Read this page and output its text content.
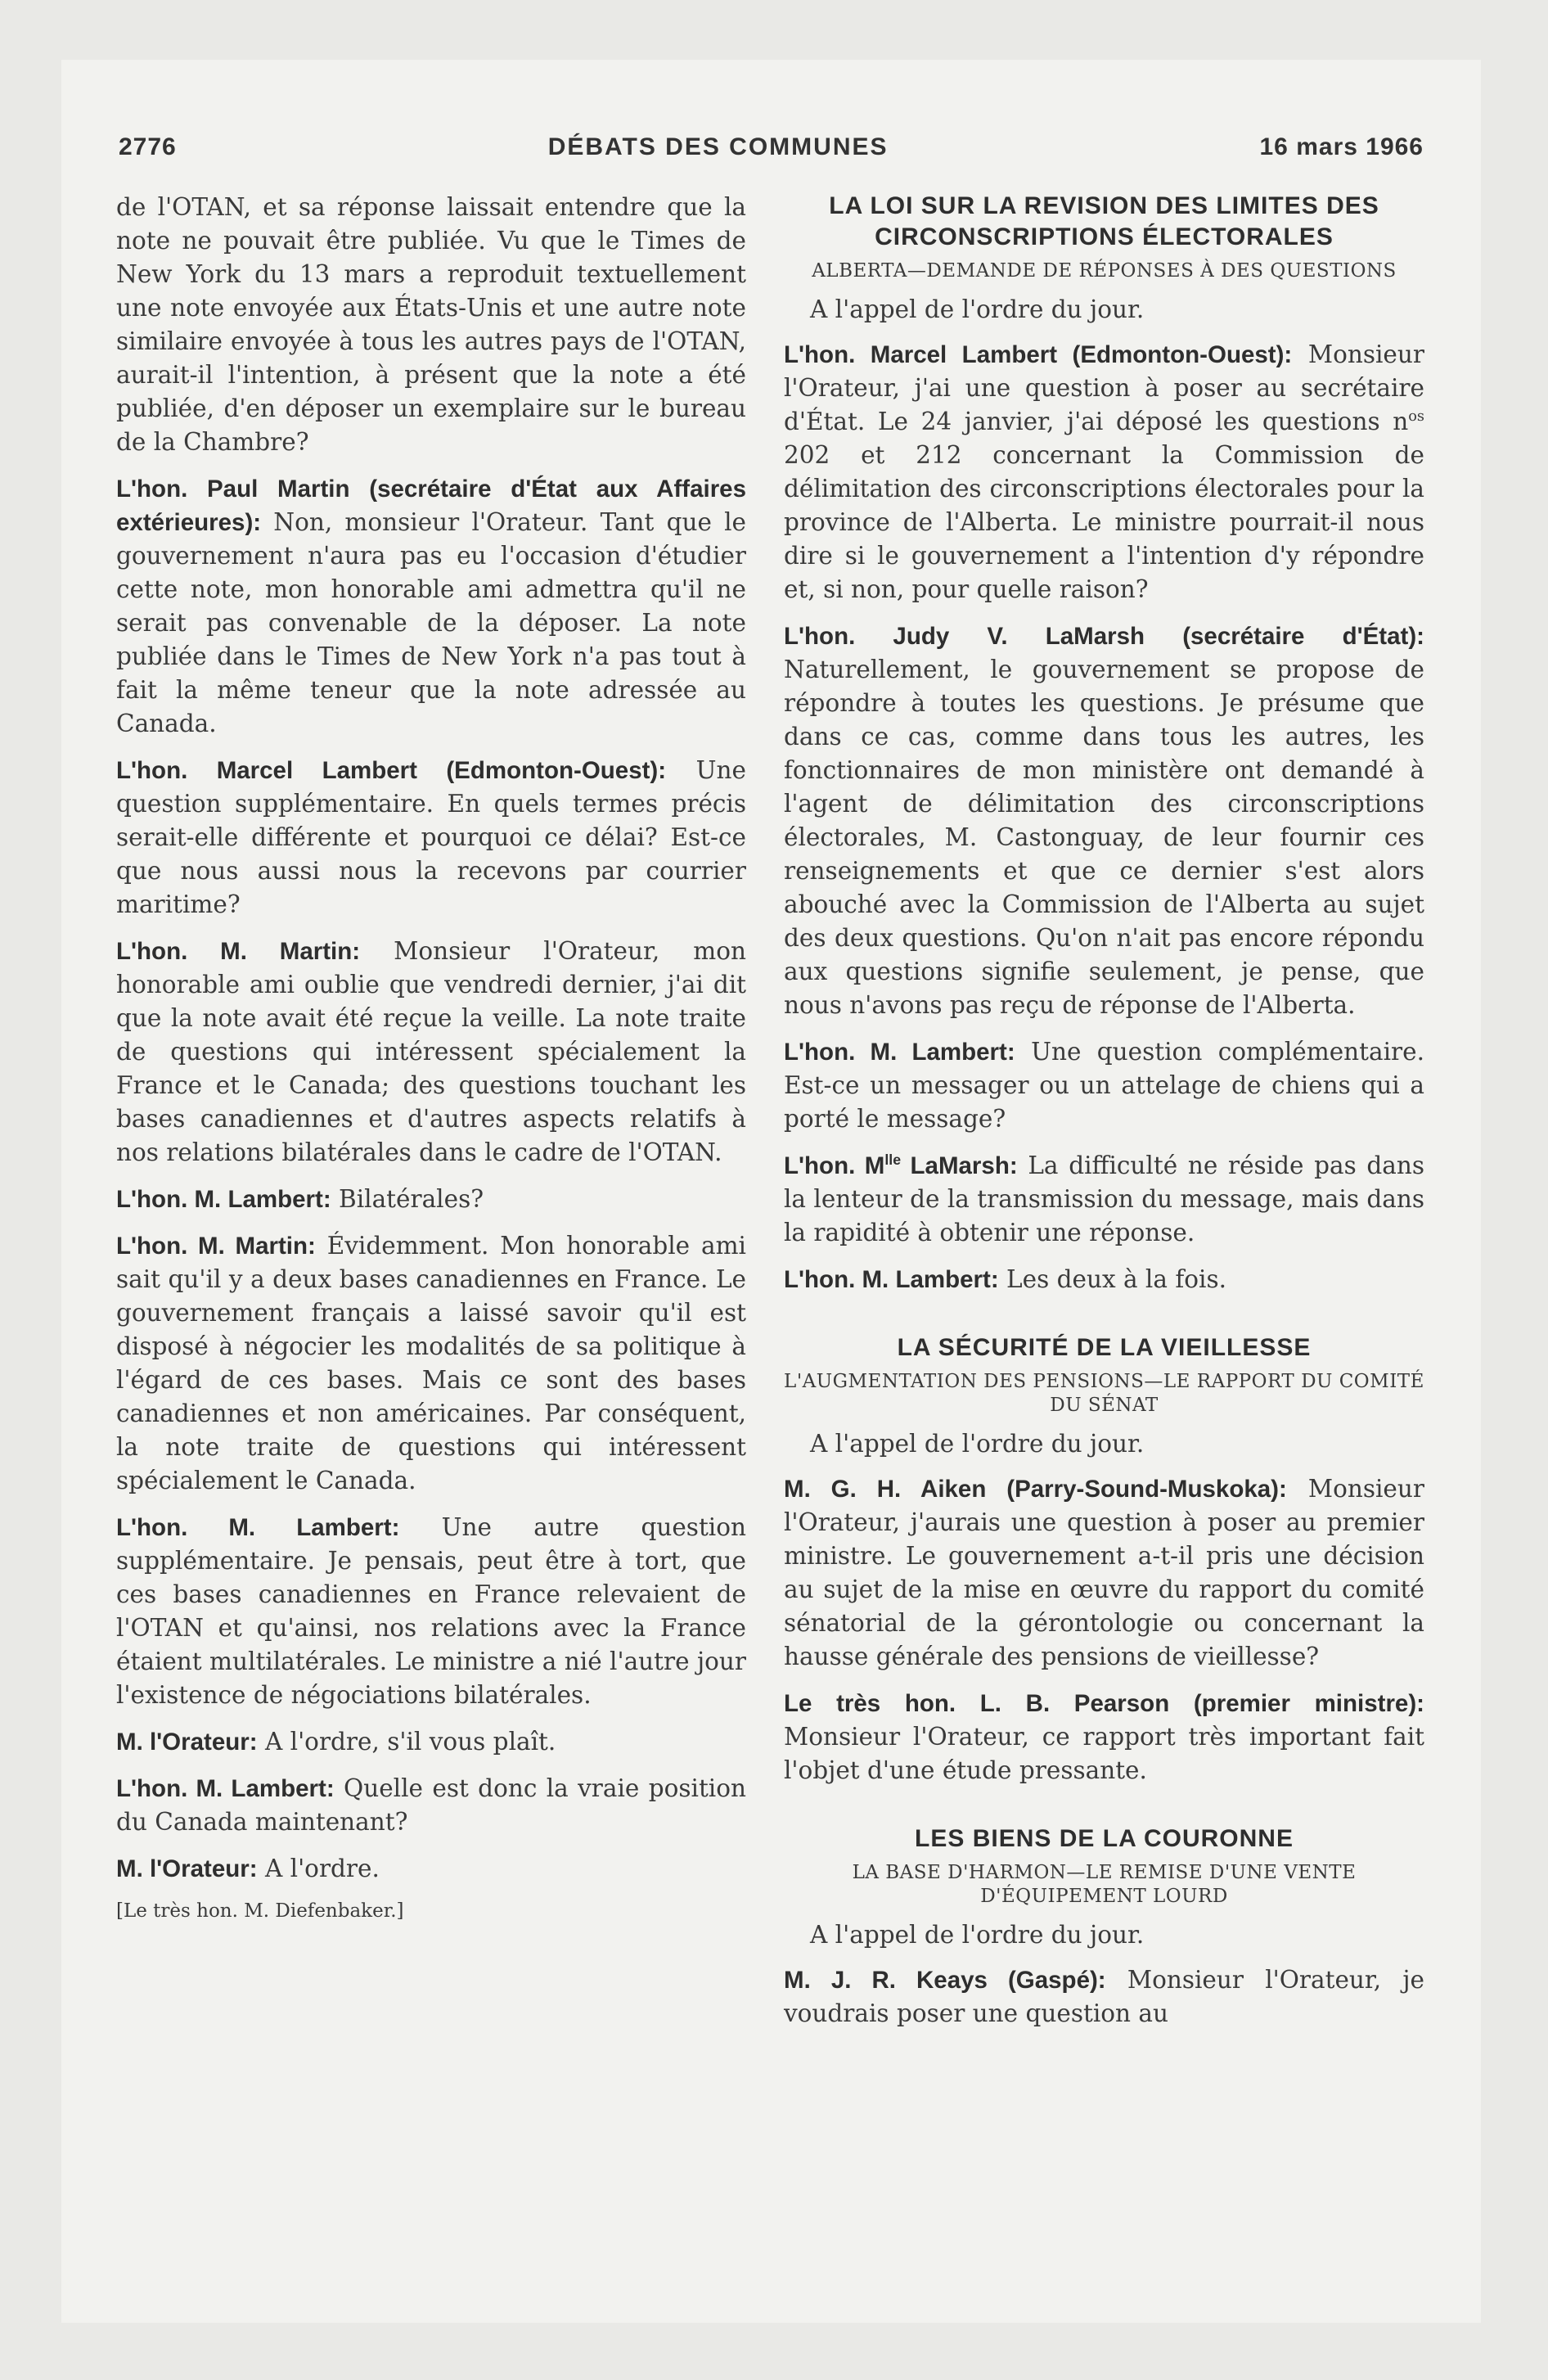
2776	DÉBATS DES COMMUNES	16 mars 1966

de l'OTAN, et sa réponse laissait entendre que la note ne pouvait être publiée. Vu que le Times de New York du 13 mars a reproduit textuellement une note envoyée aux États-Unis et une autre note similaire envoyée à tous les autres pays de l'OTAN, aurait-il l'intention, à présent que la note a été publiée, d'en déposer un exemplaire sur le bureau de la Chambre?

L'hon. Paul Martin (secrétaire d'État aux Affaires extérieures): Non, monsieur l'Orateur. Tant que le gouvernement n'aura pas eu l'occasion d'étudier cette note, mon honorable ami admettra qu'il ne serait pas convenable de la déposer. La note publiée dans le Times de New York n'a pas tout à fait la même teneur que la note adressée au Canada.

L'hon. Marcel Lambert (Edmonton-Ouest): Une question supplémentaire. En quels termes précis serait-elle différente et pourquoi ce délai? Est-ce que nous aussi nous la recevons par courrier maritime?

L'hon. M. Martin: Monsieur l'Orateur, mon honorable ami oublie que vendredi dernier, j'ai dit que la note avait été reçue la veille. La note traite de questions qui intéressent spécialement la France et le Canada; des questions touchant les bases canadiennes et d'autres aspects relatifs à nos relations bilatérales dans le cadre de l'OTAN.

L'hon. M. Lambert: Bilatérales?

L'hon. M. Martin: Évidemment. Mon honorable ami sait qu'il y a deux bases canadiennes en France. Le gouvernement français a laissé savoir qu'il est disposé à négocier les modalités de sa politique à l'égard de ces bases. Mais ce sont des bases canadiennes et non américaines. Par conséquent, la note traite de questions qui intéressent spécialement le Canada.

L'hon. M. Lambert: Une autre question supplémentaire. Je pensais, peut être à tort, que ces bases canadiennes en France relevaient de l'OTAN et qu'ainsi, nos relations avec la France étaient multilatérales. Le ministre a nié l'autre jour l'existence de négociations bilatérales.

M. l'Orateur: A l'ordre, s'il vous plaît.

L'hon. M. Lambert: Quelle est donc la vraie position du Canada maintenant?

M. l'Orateur: A l'ordre.

[Le très hon. M. Diefenbaker.]

LA LOI SUR LA REVISION DES LIMITES DES CIRCONSCRIPTIONS ÉLECTORALES
ALBERTA—DEMANDE DE RÉPONSES À DES QUESTIONS

A l'appel de l'ordre du jour.

L'hon. Marcel Lambert (Edmonton-Ouest): Monsieur l'Orateur, j'ai une question à poser au secrétaire d'État. Le 24 janvier, j'ai déposé les questions $n^{os}$ 202 et 212 concernant la Commission de délimitation des circonscriptions électorales pour la province de l'Alberta. Le ministre pourrait-il nous dire si le gouvernement a l'intention d'y répondre et, si non, pour quelle raison?

L'hon. Judy V. LaMarsh (secrétaire d'État): Naturellement, le gouvernement se propose de répondre à toutes les questions. Je présume que dans ce cas, comme dans tous les autres, les fonctionnaires de mon ministère ont demandé à l'agent de délimitation des circonscriptions électorales, M. Castonguay, de leur fournir ces renseignements et que ce dernier s'est alors abouché avec la Commission de l'Alberta au sujet des deux questions. Qu'on n'ait pas encore répondu aux questions signifie seulement, je pense, que nous n'avons pas reçu de réponse de l'Alberta.

L'hon. M. Lambert: Une question complémentaire. Est-ce un messager ou un attelage de chiens qui a porté le message?

L'hon. $M^{lle}$ LaMarsh: La difficulté ne réside pas dans la lenteur de la transmission du message, mais dans la rapidité à obtenir une réponse.

L'hon. M. Lambert: Les deux à la fois.

LA SÉCURITÉ DE LA VIEILLESSE
L'AUGMENTATION DES PENSIONS—LE RAPPORT DU COMITÉ DU SÉNAT

A l'appel de l'ordre du jour.

M. G. H. Aiken (Parry-Sound-Muskoka): Monsieur l'Orateur, j'aurais une question à poser au premier ministre. Le gouvernement a-t-il pris une décision au sujet de la mise en œuvre du rapport du comité sénatorial de la gérontologie ou concernant la hausse générale des pensions de vieillesse?

Le très hon. L. B. Pearson (premier ministre): Monsieur l'Orateur, ce rapport très important fait l'objet d'une étude pressante.

LES BIENS DE LA COURONNE
LA BASE D'HARMON—LE REMISE D'UNE VENTE D'ÉQUIPEMENT LOURD

A l'appel de l'ordre du jour.

M. J. R. Keays (Gaspé): Monsieur l'Orateur, je voudrais poser une question au
